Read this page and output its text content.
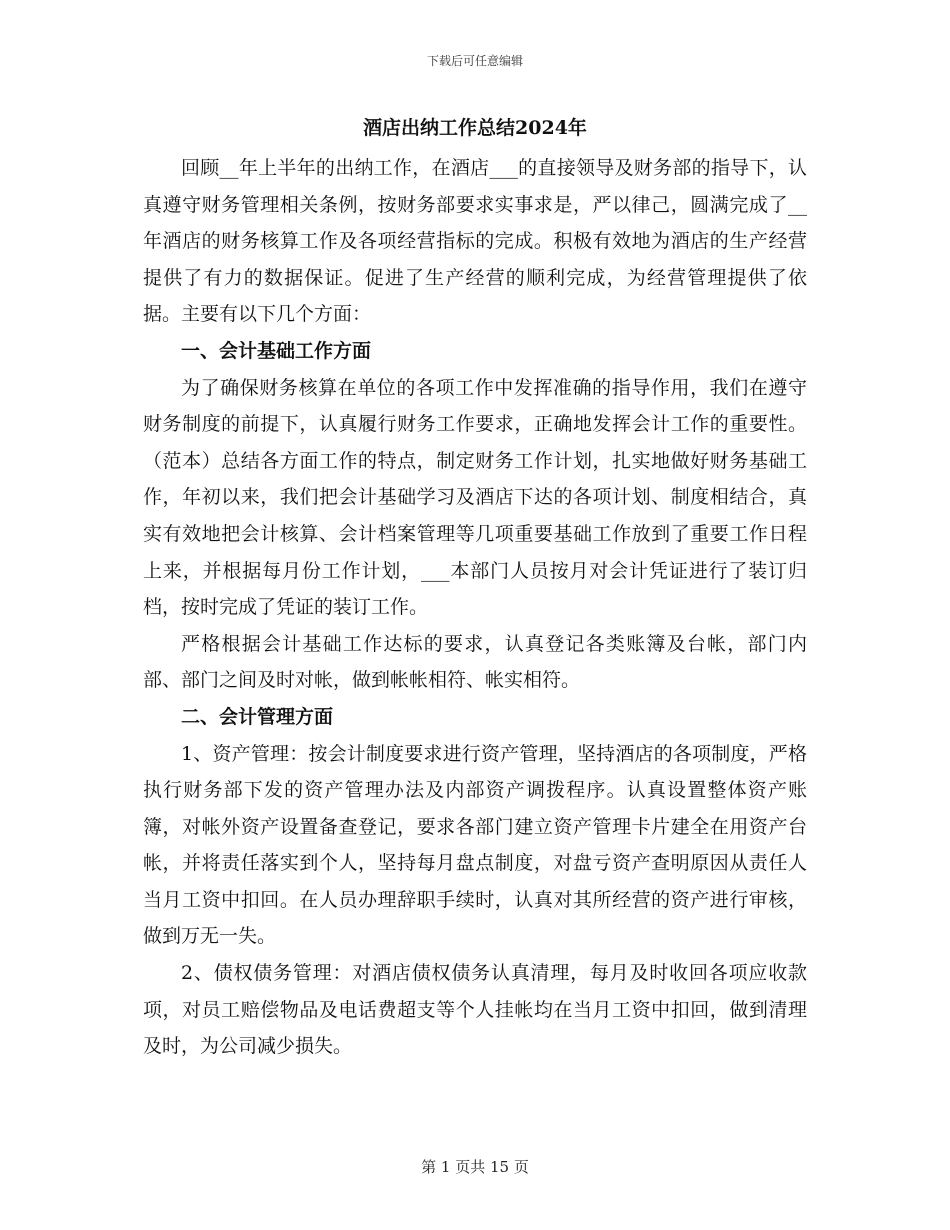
下载后可任意编辑
酒店出纳工作总结2024年

回顾__年上半年的出纳工作，在酒店___的直接领导及财务部的指导下，认真遵守财务管理相关条例，按财务部要求实事求是，严以律己，圆满完成了__年酒店的财务核算工作及各项经营指标的完成。积极有效地为酒店的生产经营提供了有力的数据保证。促进了生产经营的顺利完成，为经营管理提供了依据。主要有以下几个方面：

一、会计基础工作方面

为了确保财务核算在单位的各项工作中发挥准确的指导作用，我们在遵守财务制度的前提下，认真履行财务工作要求，正确地发挥会计工作的重要性。（范本）总结各方面工作的特点，制定财务工作计划，扎实地做好财务基础工作，年初以来，我们把会计基础学习及酒店下达的各项计划、制度相结合，真实有效地把会计核算、会计档案管理等几项重要基础工作放到了重要工作日程上来，并根据每月份工作计划，___本部门人员按月对会计凭证进行了装订归档，按时完成了凭证的装订工作。

严格根据会计基础工作达标的要求，认真登记各类账簿及台帐，部门内部、部门之间及时对帐，做到帐帐相符、帐实相符。

二、会计管理方面

1、资产管理：按会计制度要求进行资产管理，坚持酒店的各项制度，严格执行财务部下发的资产管理办法及内部资产调拨程序。认真设置整体资产账簿，对帐外资产设置备查登记，要求各部门建立资产管理卡片建全在用资产台帐，并将责任落实到个人，坚持每月盘点制度，对盘亏资产查明原因从责任人当月工资中扣回。在人员办理辞职手续时，认真对其所经营的资产进行审核，做到万无一失。

2、债权债务管理：对酒店债权债务认真清理，每月及时收回各项应收款项，对员工赔偿物品及电话费超支等个人挂帐均在当月工资中扣回，做到清理及时，为公司减少损失。

第 1 页共 15 页
